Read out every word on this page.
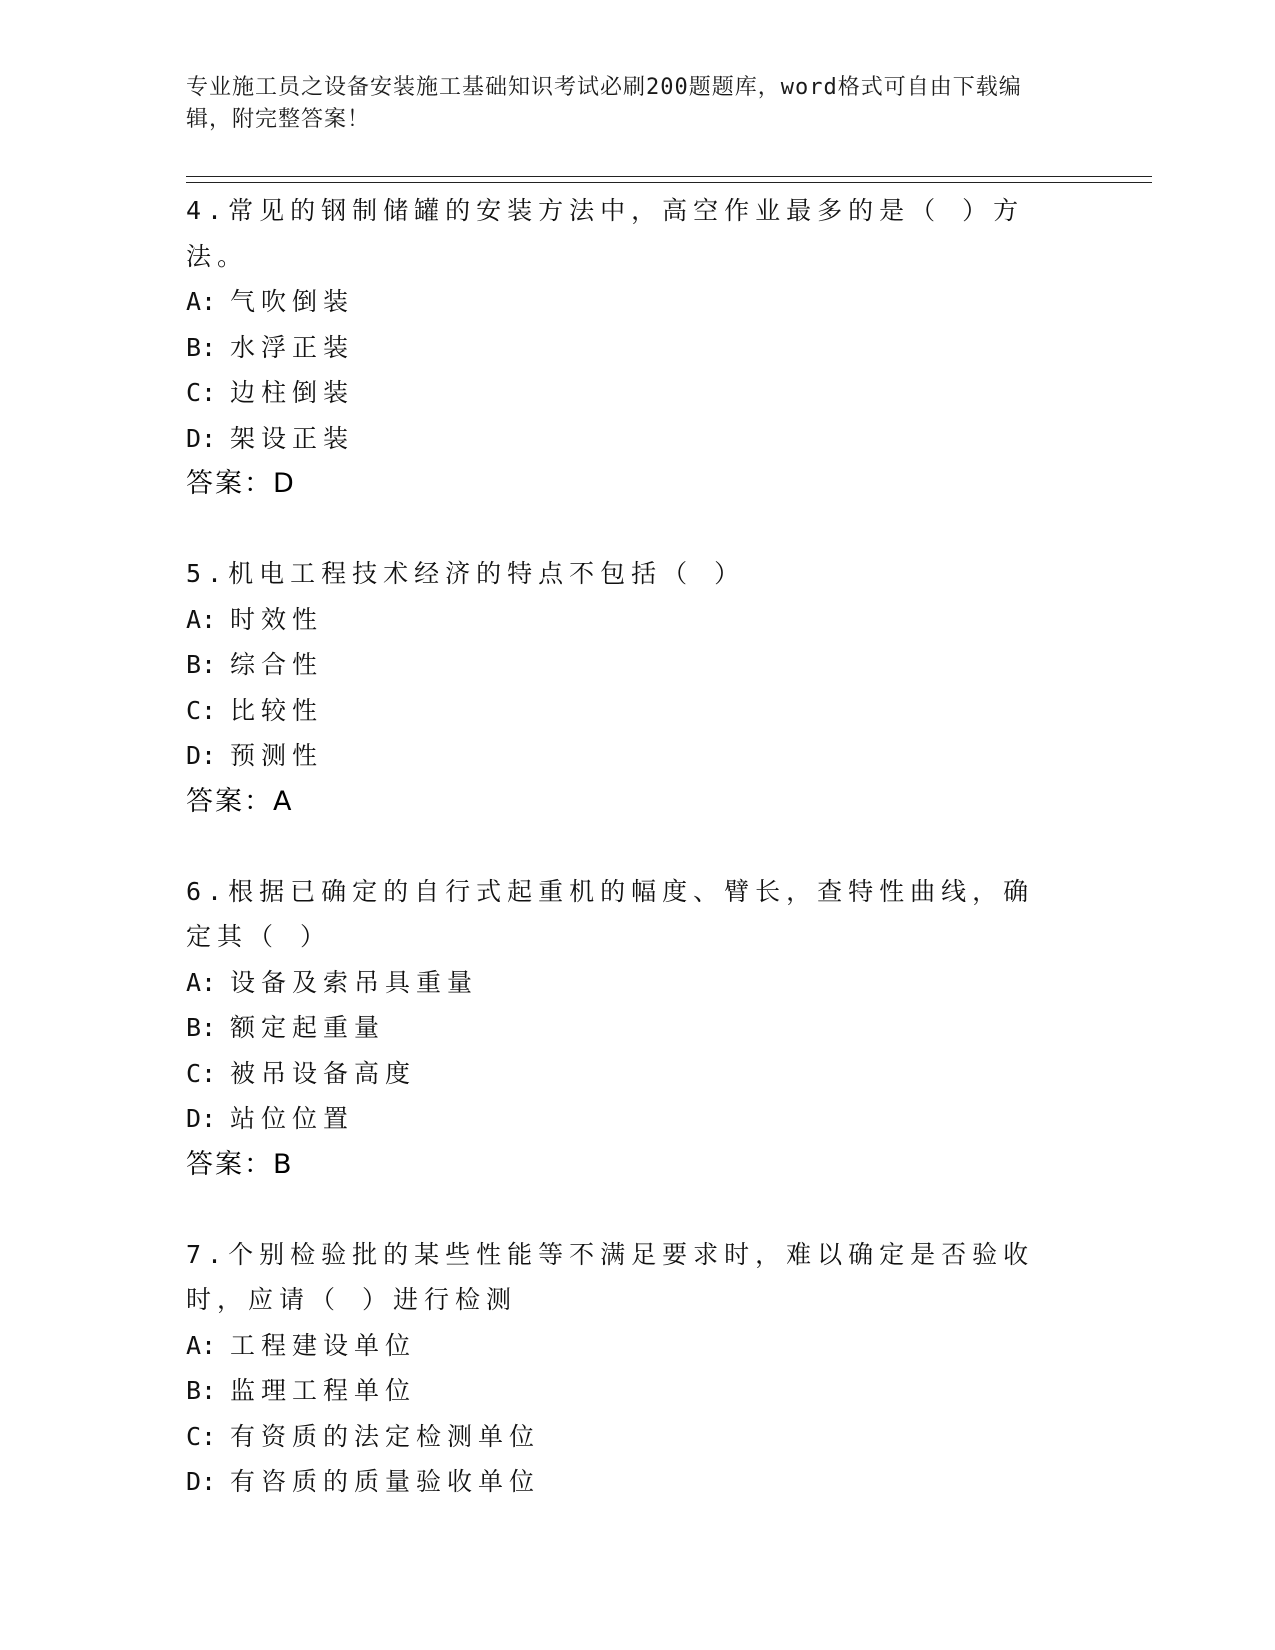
专业施工员之设备安装施工基础知识考试必刷200题题库，word格式可自由下载编辑，附完整答案！
4.常见的钢制储罐的安装方法中，高空作业最多的是（ ）方法。
A: 气吹倒装
B: 水浮正装
C: 边柱倒装
D: 架设正装
答案：D
5.机电工程技术经济的特点不包括（ ）
A: 时效性
B: 综合性
C: 比较性
D: 预测性
答案：A
6.根据已确定的自行式起重机的幅度、臂长，查特性曲线，确定其（ ）
A: 设备及索吊具重量
B: 额定起重量
C: 被吊设备高度
D: 站位位置
答案：B
7.个别检验批的某些性能等不满足要求时，难以确定是否验收时，应请（ ）进行检测
A: 工程建设单位
B: 监理工程单位
C: 有资质的法定检测单位
D: 有咨质的质量验收单位
